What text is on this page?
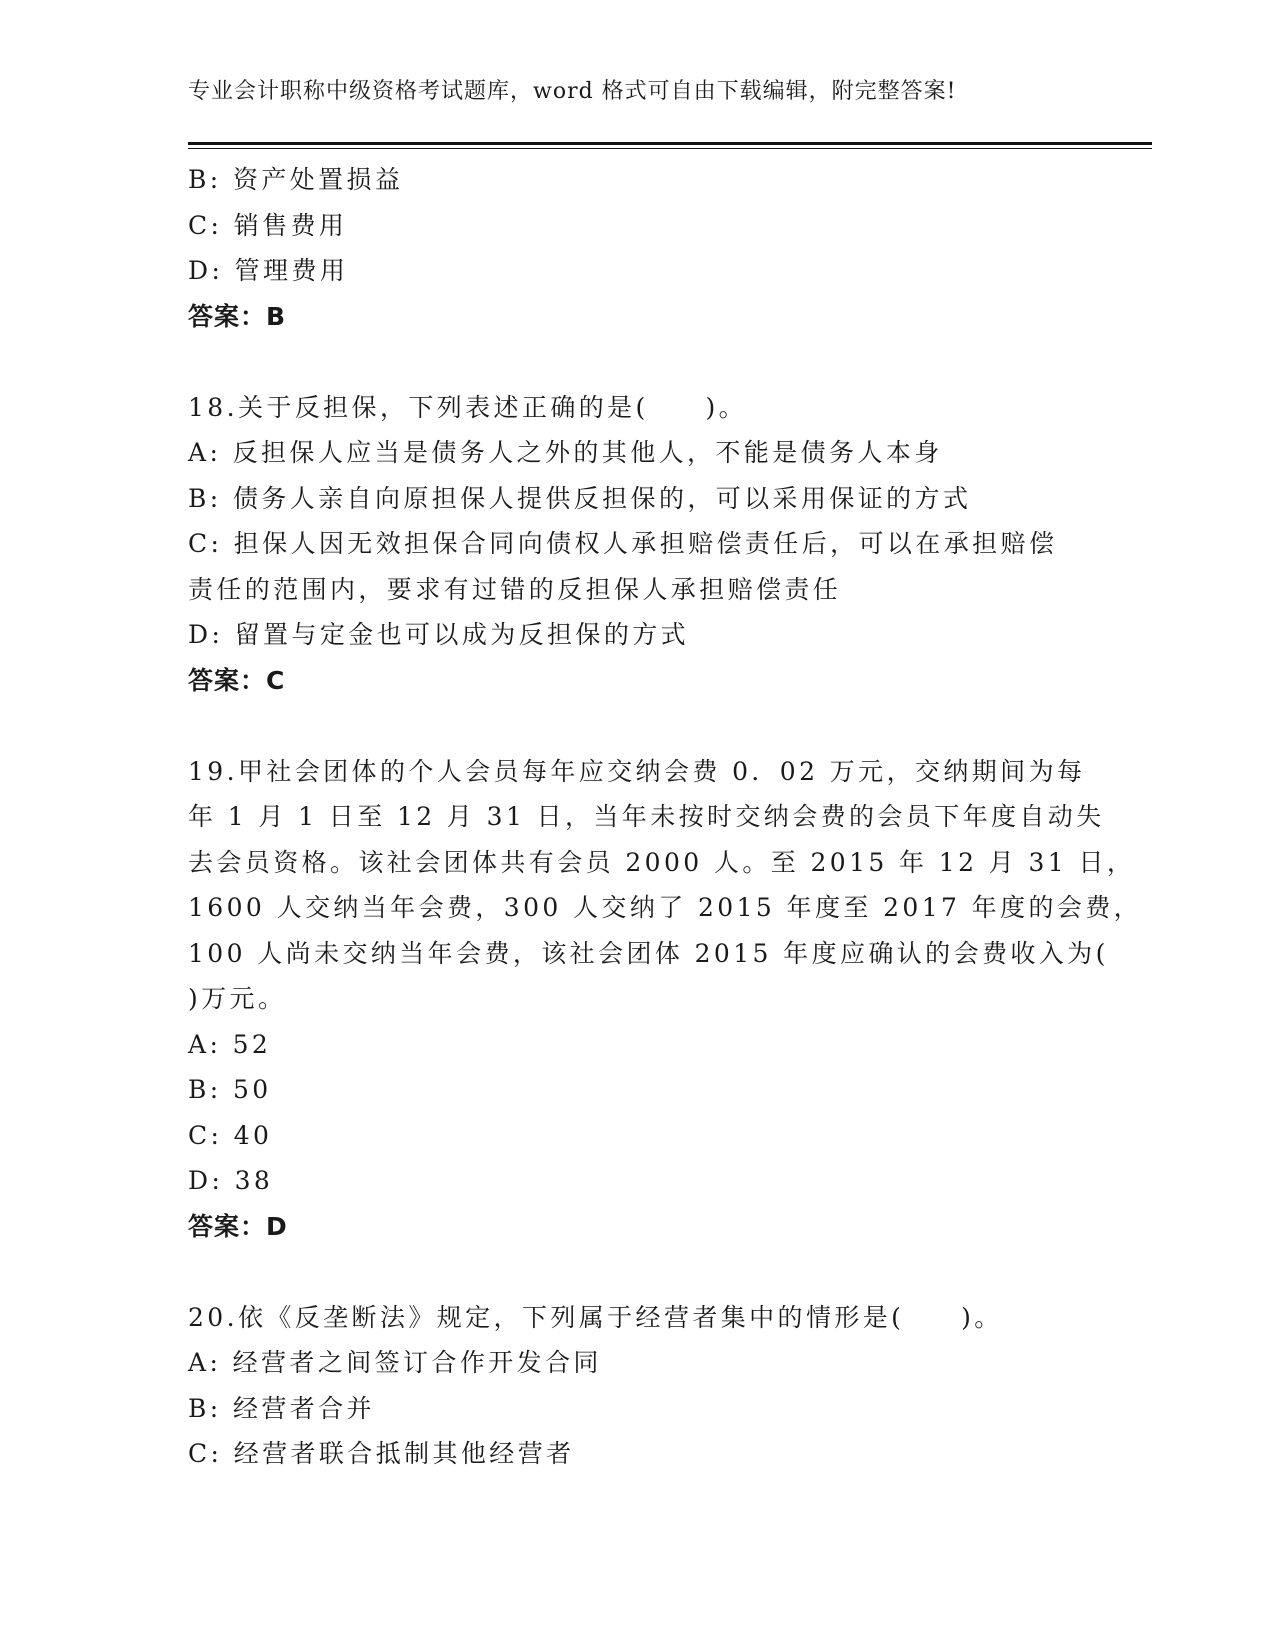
专业会计职称中级资格考试题库，word 格式可自由下载编辑，附完整答案!
B: 资产处置损益
C: 销售费用
D: 管理费用
答案：B
18.关于反担保，下列表述正确的是(　　)。
A: 反担保人应当是债务人之外的其他人，不能是债务人本身
B: 债务人亲自向原担保人提供反担保的，可以采用保证的方式
C: 担保人因无效担保合同向债权人承担赔偿责任后，可以在承担赔偿
责任的范围内，要求有过错的反担保人承担赔偿责任
D: 留置与定金也可以成为反担保的方式
答案：C
19.甲社会团体的个人会员每年应交纳会费 0．02 万元，交纳期间为每
年 1 月 1 日至 12 月 31 日，当年未按时交纳会费的会员下年度自动失
去会员资格。该社会团体共有会员 2000 人。至 2015 年 12 月 31 日，
1600 人交纳当年会费，300 人交纳了 2015 年度至 2017 年度的会费，
100 人尚未交纳当年会费，该社会团体 2015 年度应确认的会费收入为(
)万元。
A: 52
B: 50
C: 40
D: 38
答案：D
20.依《反垄断法》规定，下列属于经营者集中的情形是(　　)。
A: 经营者之间签订合作开发合同
B: 经营者合并
C: 经营者联合抵制其他经营者
